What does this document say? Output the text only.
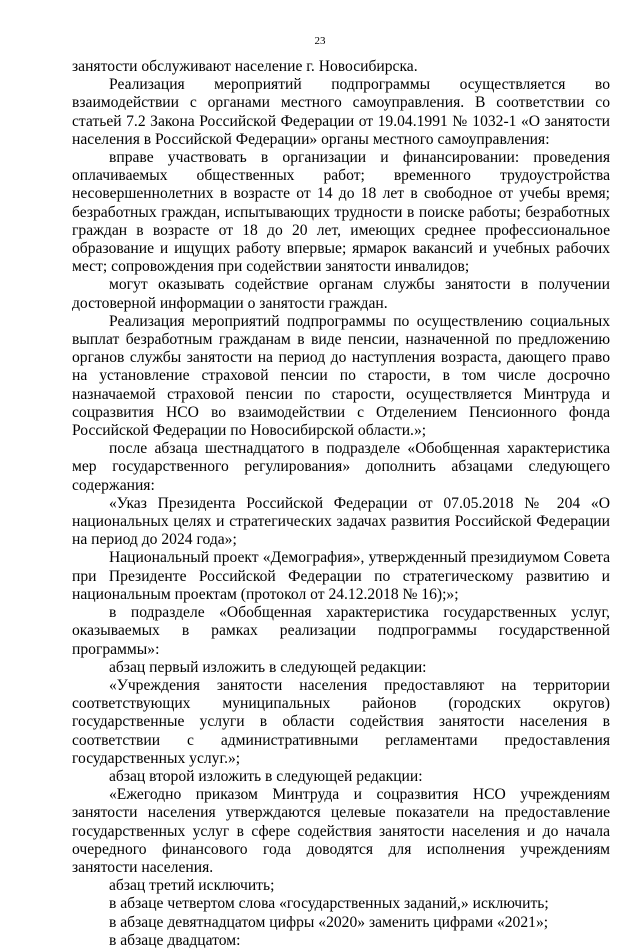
23

занятости обслуживают население г. Новосибирска.

Реализация мероприятий подпрограммы осуществляется во взаимодействии с органами местного самоуправления. В соответствии со статьей 7.2 Закона Российской Федерации от 19.04.1991 № 1032-1 «О занятости населения в Российской Федерации» органы местного самоуправления:

вправе участвовать в организации и финансировании: проведения оплачиваемых общественных работ; временного трудоустройства несовершеннолетних в возрасте от 14 до 18 лет в свободное от учебы время; безработных граждан, испытывающих трудности в поиске работы; безработных граждан в возрасте от 18 до 20 лет, имеющих среднее профессиональное образование и ищущих работу впервые; ярмарок вакансий и учебных рабочих мест; сопровождения при содействии занятости инвалидов;

могут оказывать содействие органам службы занятости в получении достоверной информации о занятости граждан.

Реализация мероприятий подпрограммы по осуществлению социальных выплат безработным гражданам в виде пенсии, назначенной по предложению органов службы занятости на период до наступления возраста, дающего право на установление страховой пенсии по старости, в том числе досрочно назначаемой страховой пенсии по старости, осуществляется Минтруда и соцразвития НСО во взаимодействии с Отделением Пенсионного фонда Российской Федерации по Новосибирской области.»;

после абзаца шестнадцатого в подразделе «Обобщенная характеристика мер государственного регулирования» дополнить абзацами следующего содержания:

«Указ Президента Российской Федерации от 07.05.2018 № 204 «О национальных целях и стратегических задачах развития Российской Федерации на период до 2024 года»;

Национальный проект «Демография», утвержденный президиумом Совета при Президенте Российской Федерации по стратегическому развитию и национальным проектам (протокол от 24.12.2018 № 16);»;

в подразделе «Обобщенная характеристика государственных услуг, оказываемых в рамках реализации подпрограммы государственной программы»:

абзац первый изложить в следующей редакции:

«Учреждения занятости населения предоставляют на территории соответствующих муниципальных районов (городских округов) государственные услуги в области содействия занятости населения в соответствии с административными регламентами предоставления государственных услуг.»;

абзац второй изложить в следующей редакции:

«Ежегодно приказом Минтруда и соцразвития НСО учреждениям занятости населения утверждаются целевые показатели на предоставление государственных услуг в сфере содействия занятости населения и до начала очередного финансового года доводятся для исполнения учреждениям занятости населения.

абзац третий исключить;

в абзаце четвертом слова «государственных заданий,» исключить;

в абзаце девятнадцатом цифры «2020» заменить цифрами «2021»;

в абзаце двадцатом:
